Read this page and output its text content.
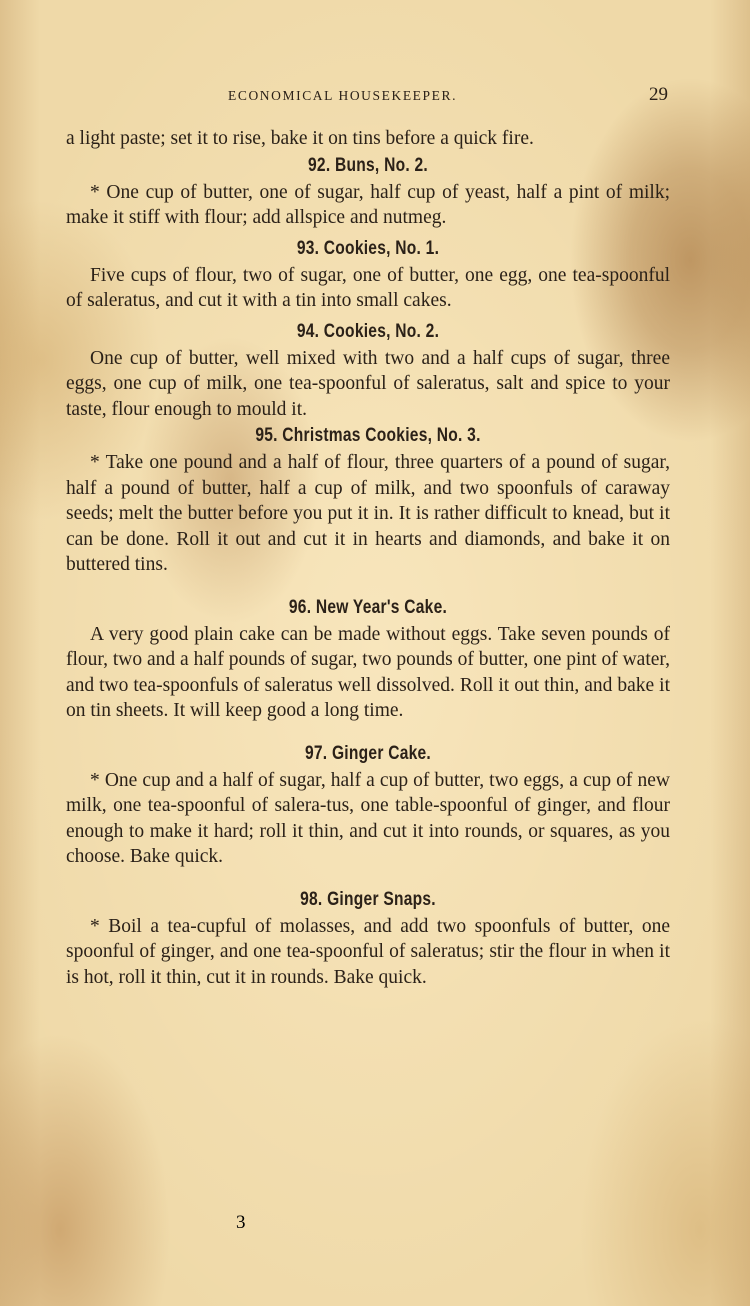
ECONOMICAL HOUSEKEEPER.	29

a light paste; set it to rise, bake it on tins before a quick fire.

92. Buns, No. 2.

* One cup of butter, one of sugar, half cup of yeast, half a pint of milk; make it stiff with flour; add allspice and nutmeg.

93. Cookies, No. 1.

Five cups of flour, two of sugar, one of butter, one egg, one tea-spoonful of saleratus, and cut it with a tin into small cakes.

94. Cookies, No. 2.

One cup of butter, well mixed with two and a half cups of sugar, three eggs, one cup of milk, one tea-spoonful of saleratus, salt and spice to your taste, flour enough to mould it.

95. Christmas Cookies, No. 3.

* Take one pound and a half of flour, three quarters of a pound of sugar, half a pound of butter, half a cup of milk, and two spoonfuls of caraway seeds; melt the butter before you put it in. It is rather difficult to knead, but it can be done. Roll it out and cut it in hearts and diamonds, and bake it on buttered tins.

96. New Year's Cake.

A very good plain cake can be made without eggs. Take seven pounds of flour, two and a half pounds of sugar, two pounds of butter, one pint of water, and two tea-spoonfuls of saleratus well dissolved. Roll it out thin, and bake it on tin sheets. It will keep good a long time.

97. Ginger Cake.

* One cup and a half of sugar, half a cup of butter, two eggs, a cup of new milk, one tea-spoonful of salera-tus, one table-spoonful of ginger, and flour enough to make it hard; roll it thin, and cut it into rounds, or squares, as you choose. Bake quick.

98. Ginger Snaps.

* Boil a tea-cupful of molasses, and add two spoonfuls of butter, one spoonful of ginger, and one tea-spoonful of saleratus; stir the flour in when it is hot, roll it thin, cut it in rounds. Bake quick.

3
